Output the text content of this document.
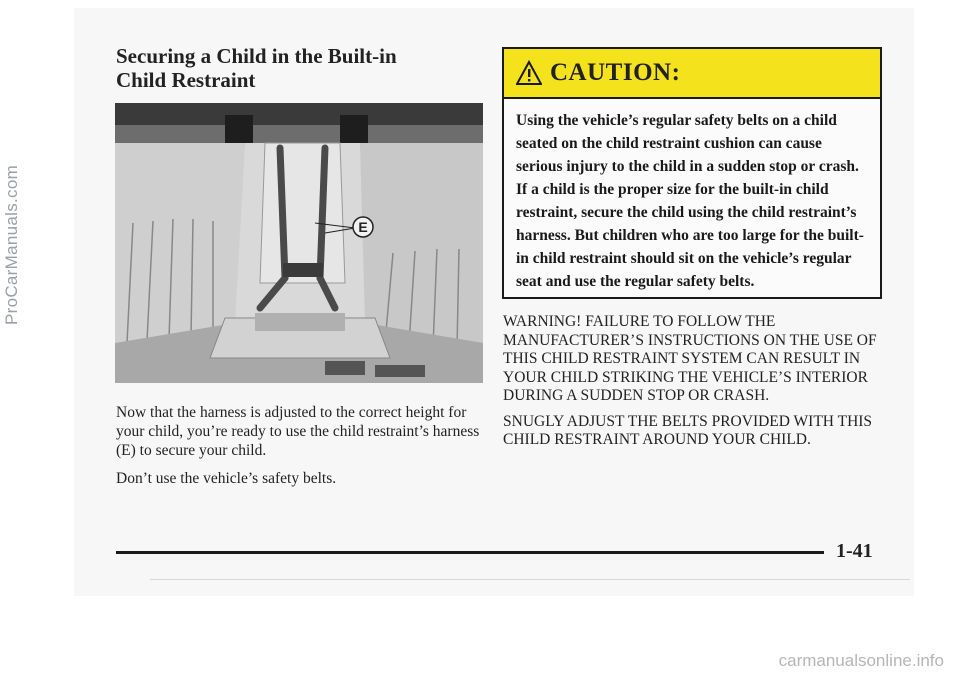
ProCarManuals.com
Securing a Child in the Built-in
Child Restraint
E

Now that the harness is adjusted to the correct height for your child, you’re ready to use the child restraint’s harness (E) to secure your child.

Don’t use the vehicle’s safety belts.

CAUTION:
Using the vehicle’s regular safety belts on a child seated on the child restraint cushion can cause serious injury to the child in a sudden stop or crash. If a child is the proper size for the built-in child restraint, secure the child using the child restraint’s harness. But children who are too large for the built-in child restraint should sit on the vehicle’s regular seat and use the regular safety belts.

WARNING! FAILURE TO FOLLOW THE MANUFACTURER’S INSTRUCTIONS ON THE USE OF THIS CHILD RESTRAINT SYSTEM CAN RESULT IN YOUR CHILD STRIKING THE VEHICLE’S INTERIOR DURING A SUDDEN STOP OR CRASH.

SNUGLY ADJUST THE BELTS PROVIDED WITH THIS CHILD RESTRAINT AROUND YOUR CHILD.

1-41
carmanualsonline.info
